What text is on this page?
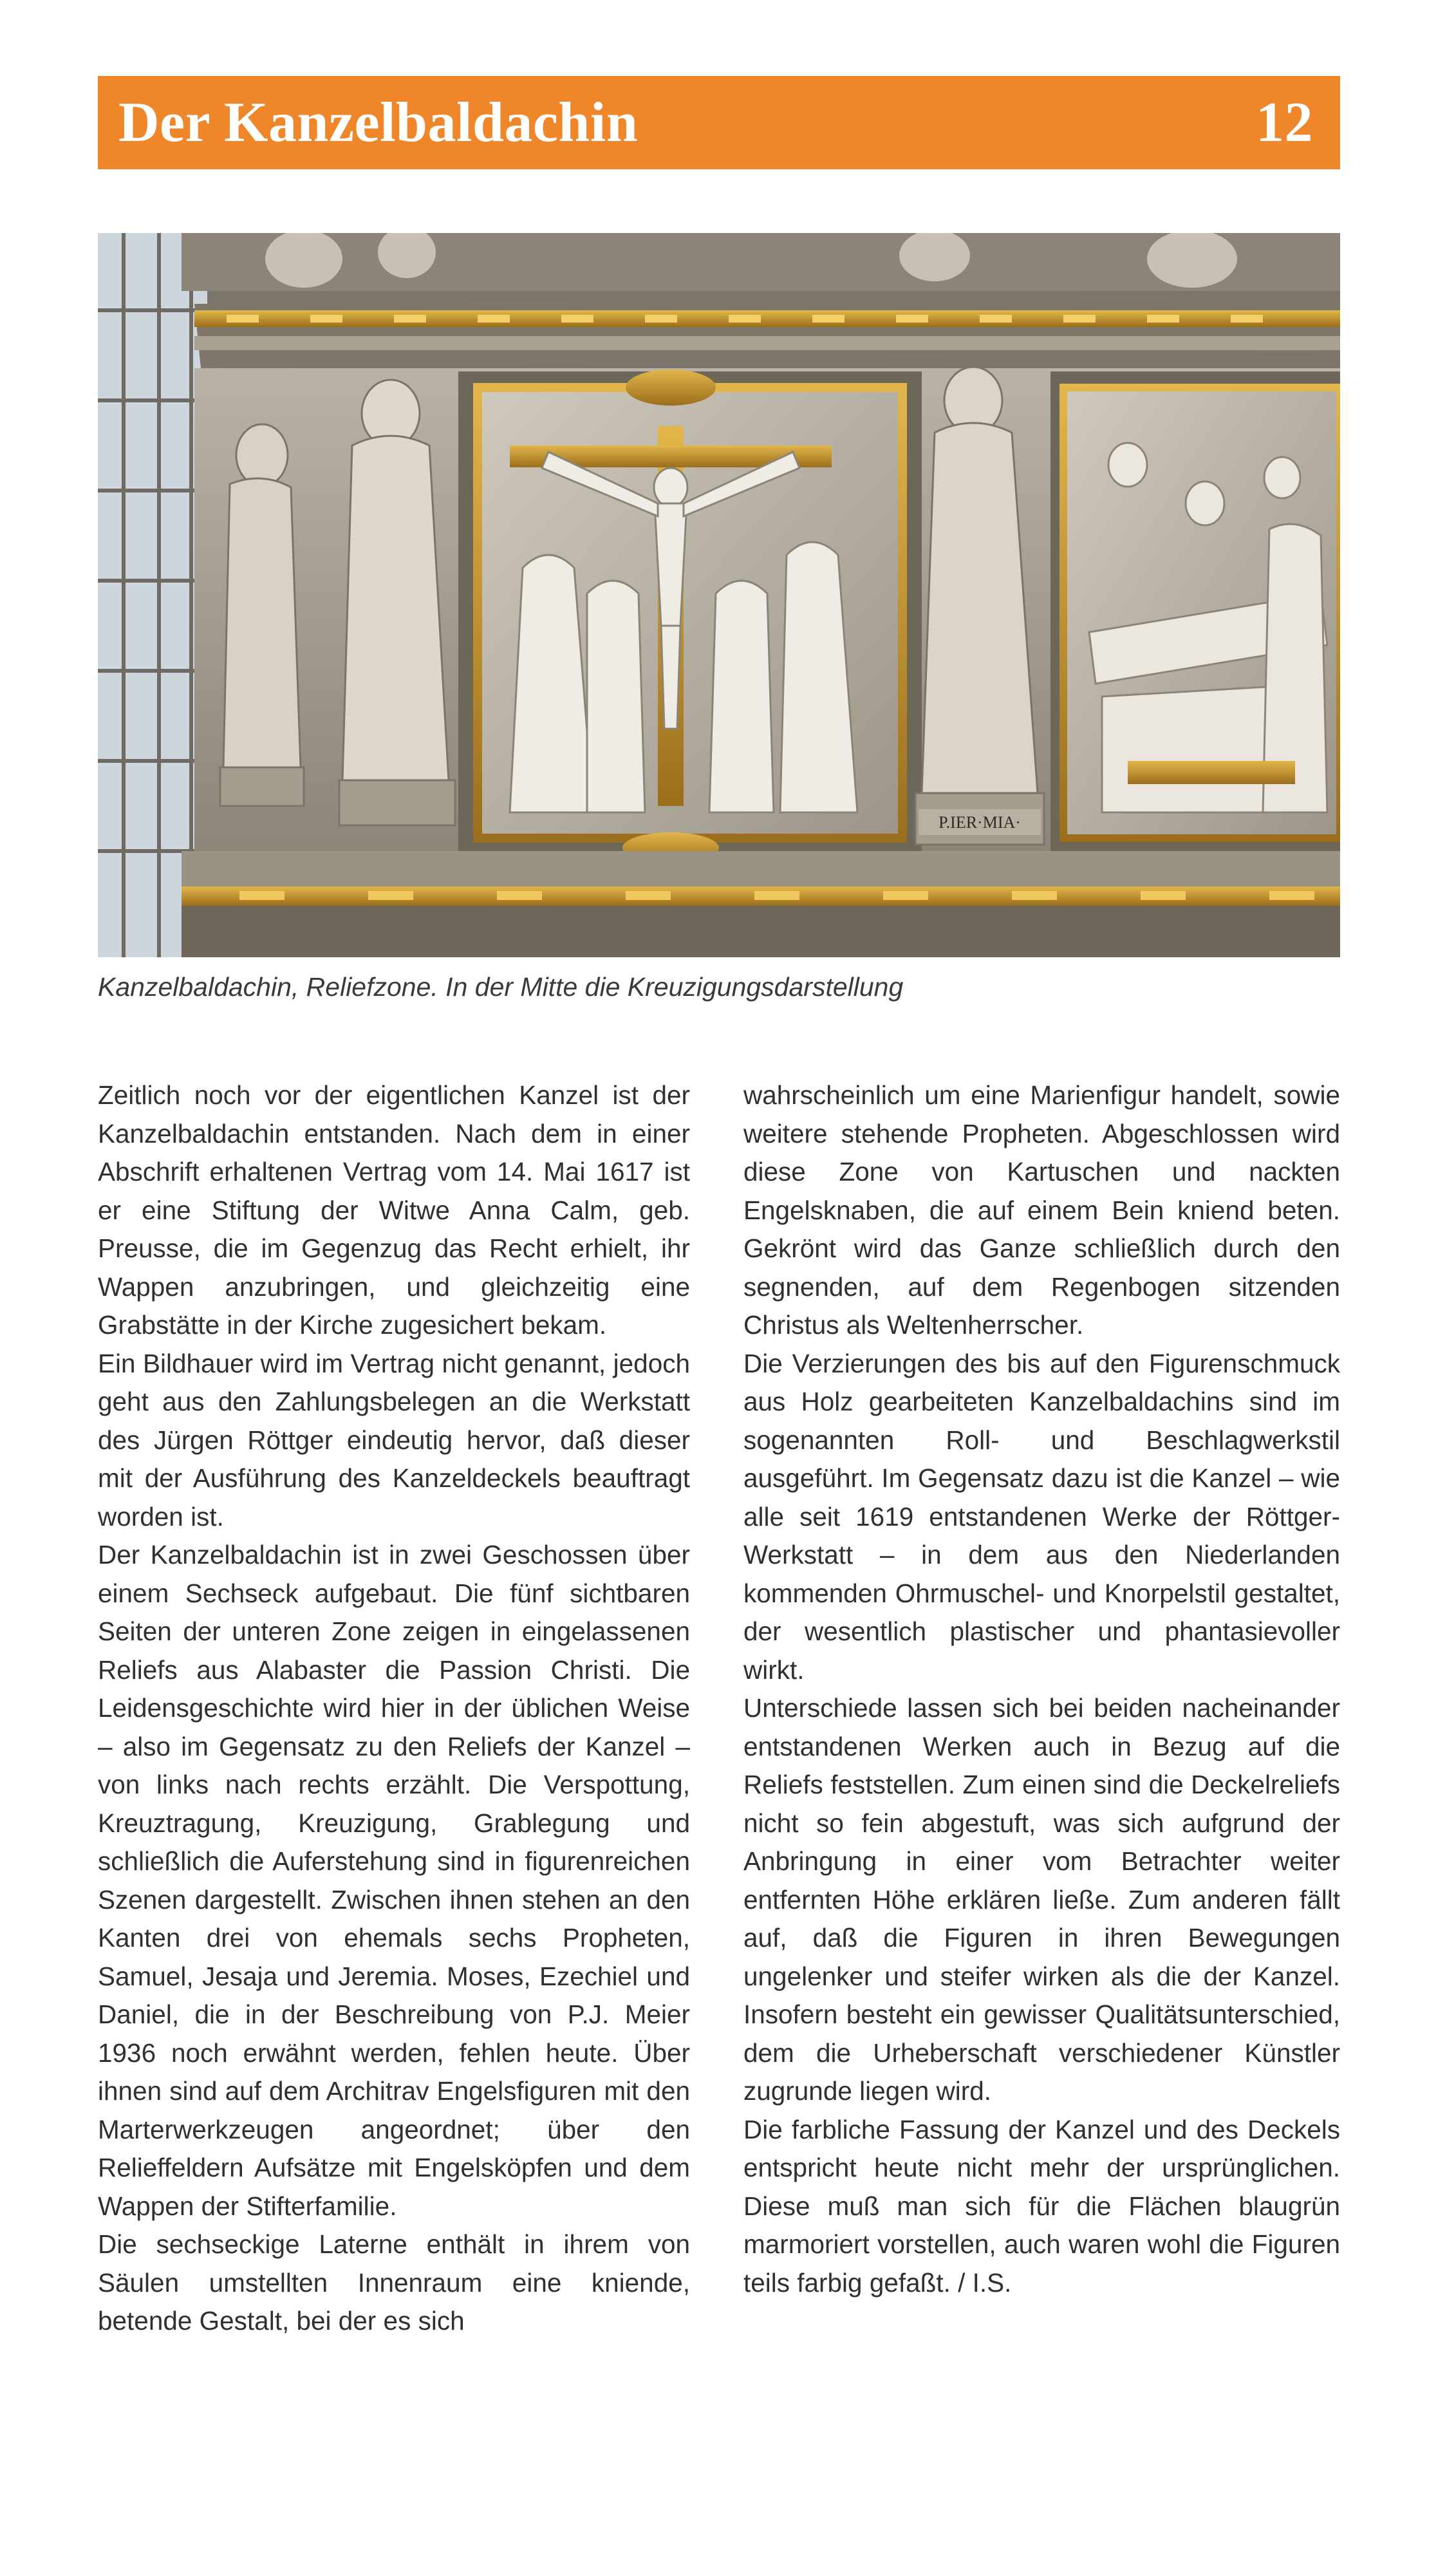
Der Kanzelbaldachin	12
P.IER·MIA·
Kanzelbaldachin, Reliefzone. In der Mitte die Kreuzigungsdarstellung

Zeitlich noch vor der eigentlichen Kanzel ist der Kanzelbaldachin entstanden. Nach dem in einer Abschrift erhaltenen Vertrag vom 14. Mai 1617 ist er eine Stiftung der Witwe Anna Calm, geb. Preusse, die im Gegenzug das Recht erhielt, ihr Wappen anzubringen, und gleichzeitig eine Grabstätte in der Kirche zugesichert bekam.

Ein Bildhauer wird im Vertrag nicht genannt, jedoch geht aus den Zahlungsbelegen an die Werkstatt des Jürgen Röttger eindeutig hervor, daß dieser mit der Ausführung des Kanzeldeckels beauftragt worden ist.

Der Kanzelbaldachin ist in zwei Geschossen über einem Sechseck aufgebaut. Die fünf sichtbaren Seiten der unteren Zone zeigen in eingelassenen Reliefs aus Alabaster die Passion Christi. Die Leidensgeschichte wird hier in der üblichen Weise – also im Gegensatz zu den Reliefs der Kanzel – von links nach rechts erzählt. Die Verspottung, Kreuztragung, Kreuzigung, Grablegung und schließlich die Auferstehung sind in figurenreichen Szenen dargestellt. Zwischen ihnen stehen an den Kanten drei von ehemals sechs Propheten, Samuel, Jesaja und Jeremia. Moses, Ezechiel und Daniel, die in der Beschreibung von P.J. Meier 1936 noch erwähnt werden, fehlen heute. Über ihnen sind auf dem Architrav Engelsfiguren mit den Marterwerkzeugen angeordnet; über den Relieffeldern Aufsätze mit Engelsköpfen und dem Wappen der Stifterfamilie.

Die sechseckige Laterne enthält in ihrem von Säulen umstellten Innenraum eine kniende, betende Gestalt, bei der es sich

wahrscheinlich um eine Marienfigur handelt, sowie weitere stehende Propheten. Abgeschlossen wird diese Zone von Kartuschen und nackten Engelsknaben, die auf einem Bein kniend beten. Gekrönt wird das Ganze schließlich durch den segnenden, auf dem Regenbogen sitzenden Christus als Weltenherrscher.

Die Verzierungen des bis auf den Figurenschmuck aus Holz gearbeiteten Kanzelbaldachins sind im sogenannten Roll- und Beschlagwerkstil ausgeführt. Im Gegensatz dazu ist die Kanzel – wie alle seit 1619 entstandenen Werke der Röttger-Werkstatt – in dem aus den Niederlanden kommenden Ohrmuschel- und Knorpelstil gestaltet, der wesentlich plastischer und phantasievoller wirkt.

Unterschiede lassen sich bei beiden nacheinander entstandenen Werken auch in Bezug auf die Reliefs feststellen. Zum einen sind die Deckelreliefs nicht so fein abgestuft, was sich aufgrund der Anbringung in einer vom Betrachter weiter entfernten Höhe erklären ließe. Zum anderen fällt auf, daß die Figuren in ihren Bewegungen ungelenker und steifer wirken als die der Kanzel. Insofern besteht ein gewisser Qualitätsunterschied, dem die Urheberschaft verschiedener Künstler zugrunde liegen wird.

Die farbliche Fassung der Kanzel und des Deckels entspricht heute nicht mehr der ursprünglichen. Diese muß man sich für die Flächen blaugrün marmoriert vorstellen, auch waren wohl die Figuren teils farbig gefaßt. / I.S.
